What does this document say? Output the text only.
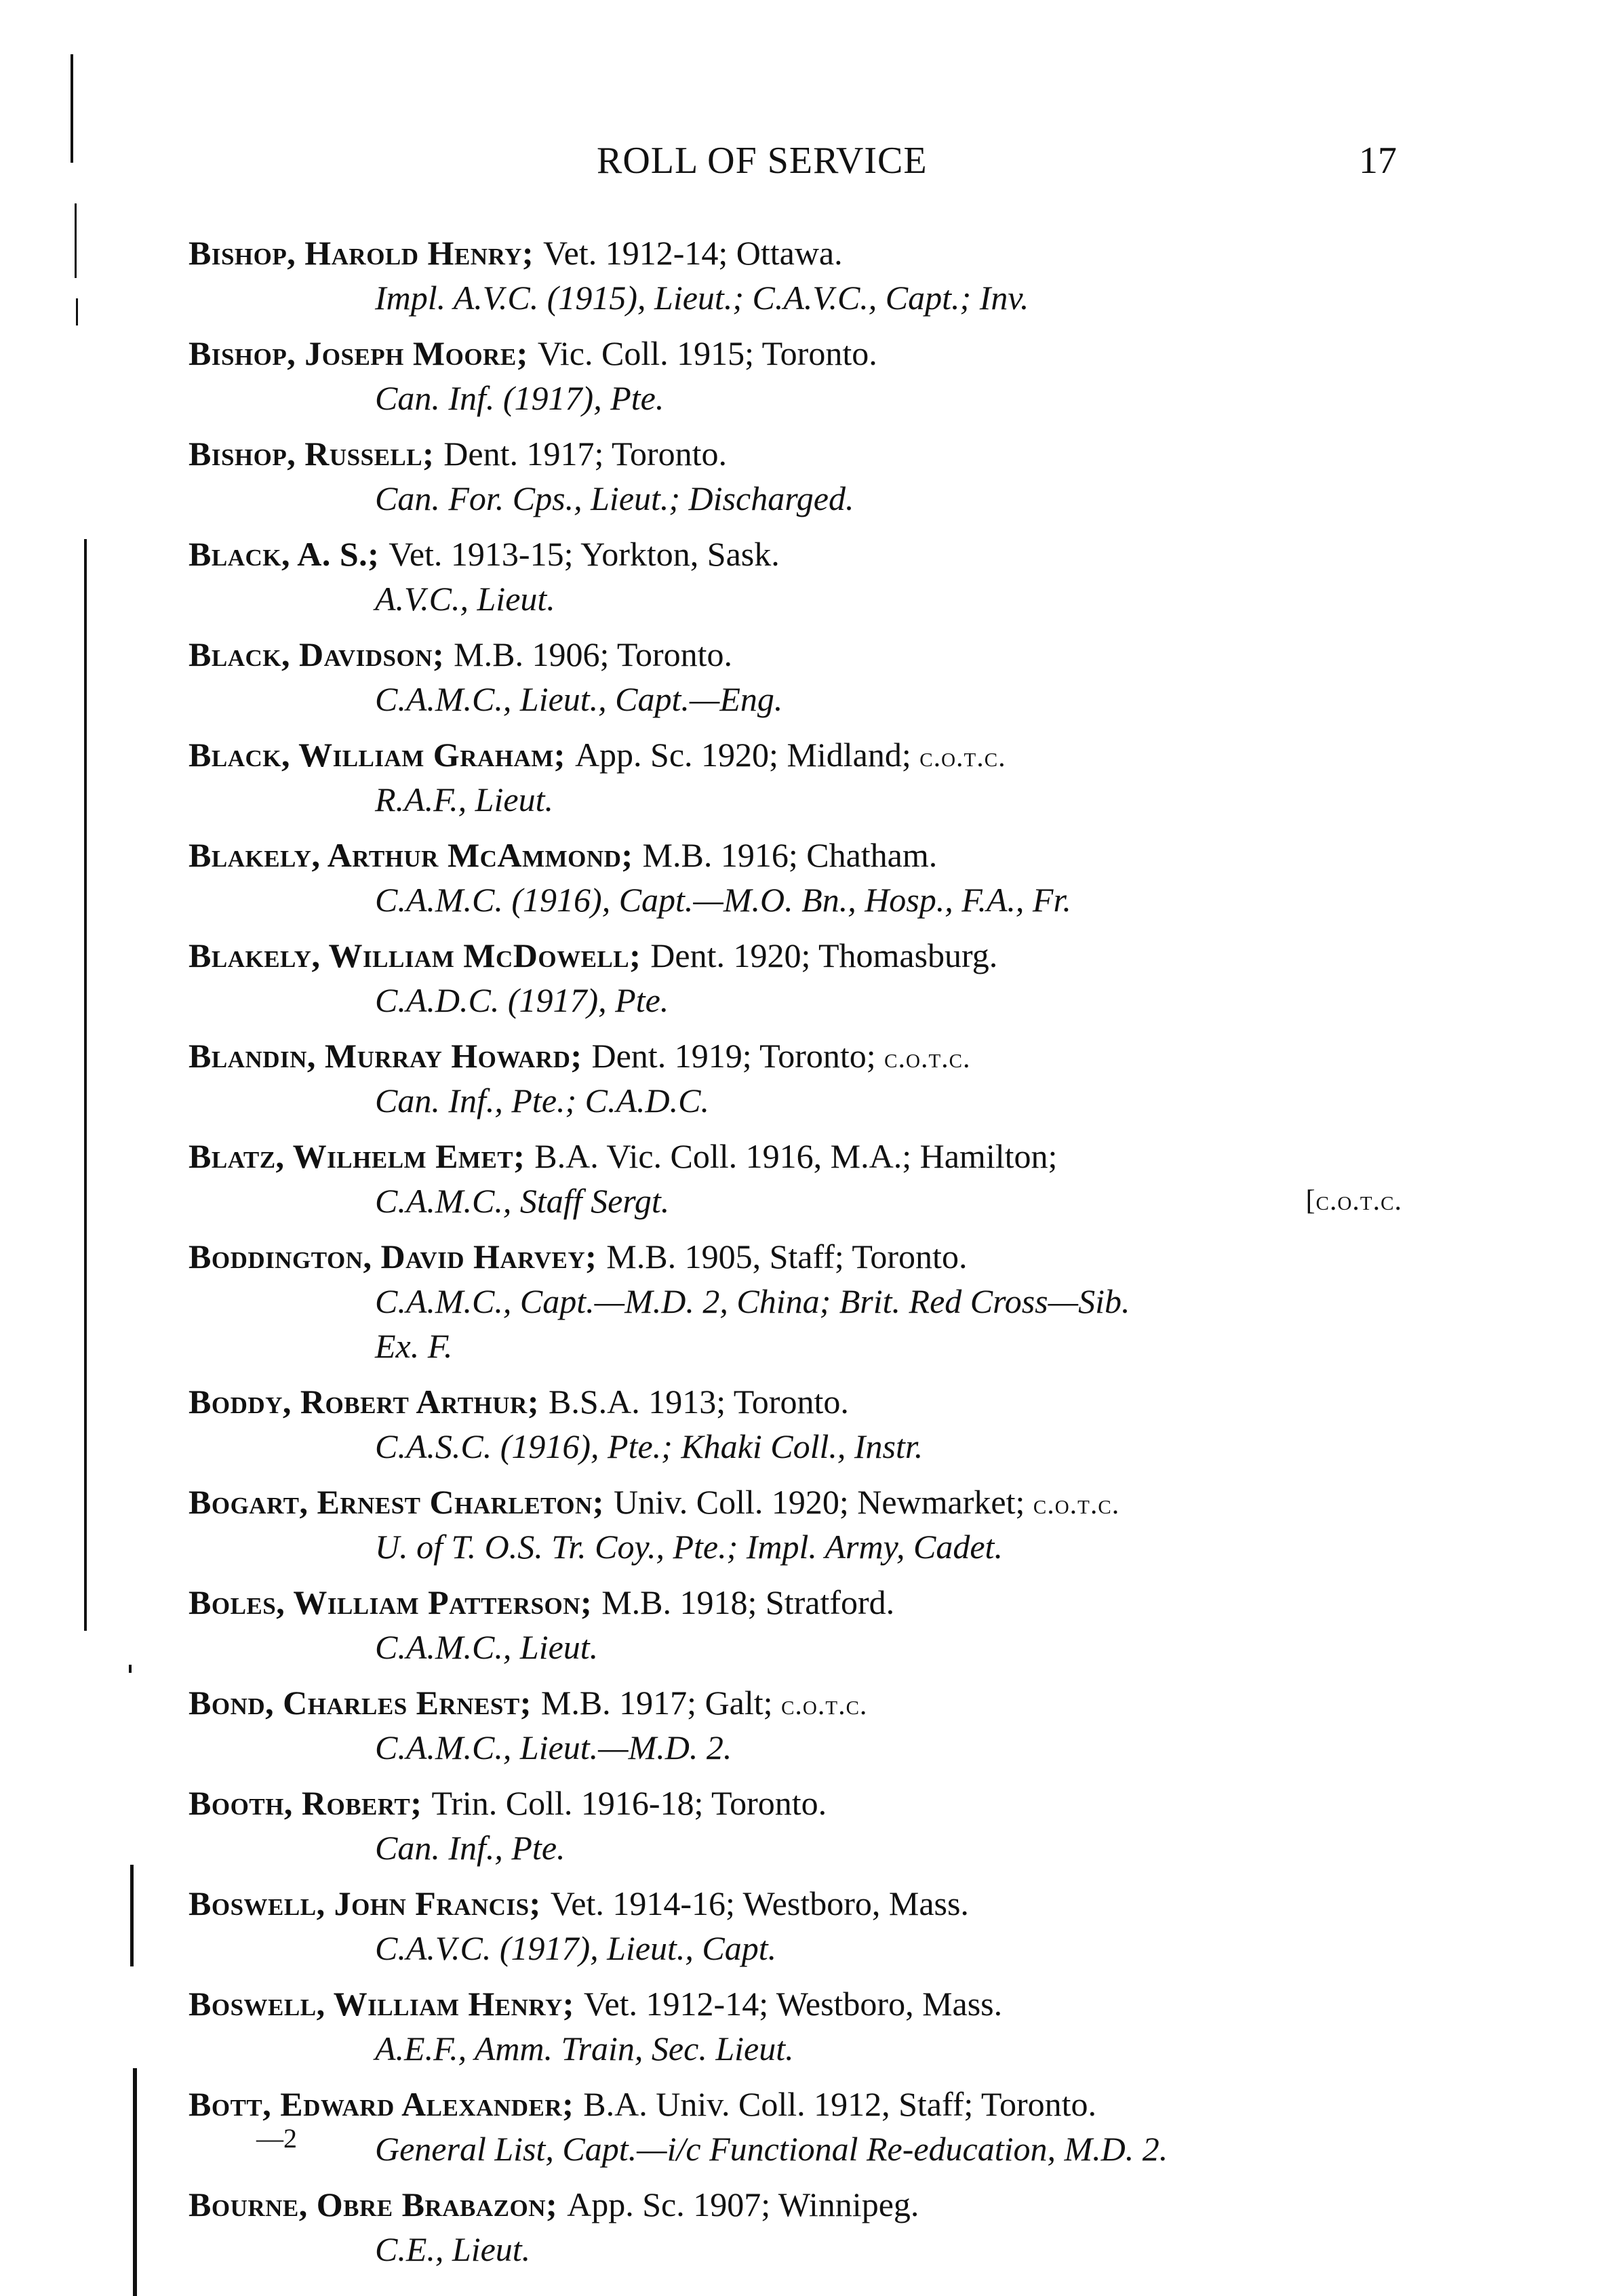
ROLL OF SERVICE	17
Bishop, Harold Henry; Vet. 1912-14; Ottawa.
Impl. A.V.C. (1915), Lieut.; C.A.V.C., Capt.; Inv.
Bishop, Joseph Moore; Vic. Coll. 1915; Toronto.
Can. Inf. (1917), Pte.
Bishop, Russell; Dent. 1917; Toronto.
Can. For. Cps., Lieut.; Discharged.
Black, A. S.; Vet. 1913-15; Yorkton, Sask.
A.V.C., Lieut.
Black, Davidson; M.B. 1906; Toronto.
C.A.M.C., Lieut., Capt.—Eng.
Black, William Graham; App. Sc. 1920; Midland; c.o.t.c.
R.A.F., Lieut.
Blakely, Arthur McAmmond; M.B. 1916; Chatham.
C.A.M.C. (1916), Capt.—M.O. Bn., Hosp., F.A., Fr.
Blakely, William McDowell; Dent. 1920; Thomasburg.
C.A.D.C. (1917), Pte.
Blandin, Murray Howard; Dent. 1919; Toronto; c.o.t.c.
Can. Inf., Pte.; C.A.D.C.
Blatz, Wilhelm Emet; B.A. Vic. Coll. 1916, M.A.; Hamilton;
C.A.M.C., Staff Sergt.	[c.o.t.c.
Boddington, David Harvey; M.B. 1905, Staff; Toronto.
C.A.M.C., Capt.—M.D. 2, China; Brit. Red Cross—Sib.
Ex. F.
Boddy, Robert Arthur; B.S.A. 1913; Toronto.
C.A.S.C. (1916), Pte.; Khaki Coll., Instr.
Bogart, Ernest Charleton; Univ. Coll. 1920; Newmarket; c.o.t.c.
U. of T. O.S. Tr. Coy., Pte.; Impl. Army, Cadet.
Boles, William Patterson; M.B. 1918; Stratford.
C.A.M.C., Lieut.
Bond, Charles Ernest; M.B. 1917; Galt; c.o.t.c.
C.A.M.C., Lieut.—M.D. 2.
Booth, Robert; Trin. Coll. 1916-18; Toronto.
Can. Inf., Pte.
Boswell, John Francis; Vet. 1914-16; Westboro, Mass.
C.A.V.C. (1917), Lieut., Capt.
Boswell, William Henry; Vet. 1912-14; Westboro, Mass.
A.E.F., Amm. Train, Sec. Lieut.
Bott, Edward Alexander; B.A. Univ. Coll. 1912, Staff; Toronto.
General List, Capt.—i/c Functional Re-education, M.D. 2.
Bourne, Obre Brabazon; App. Sc. 1907; Winnipeg.
C.E., Lieut.
—2
